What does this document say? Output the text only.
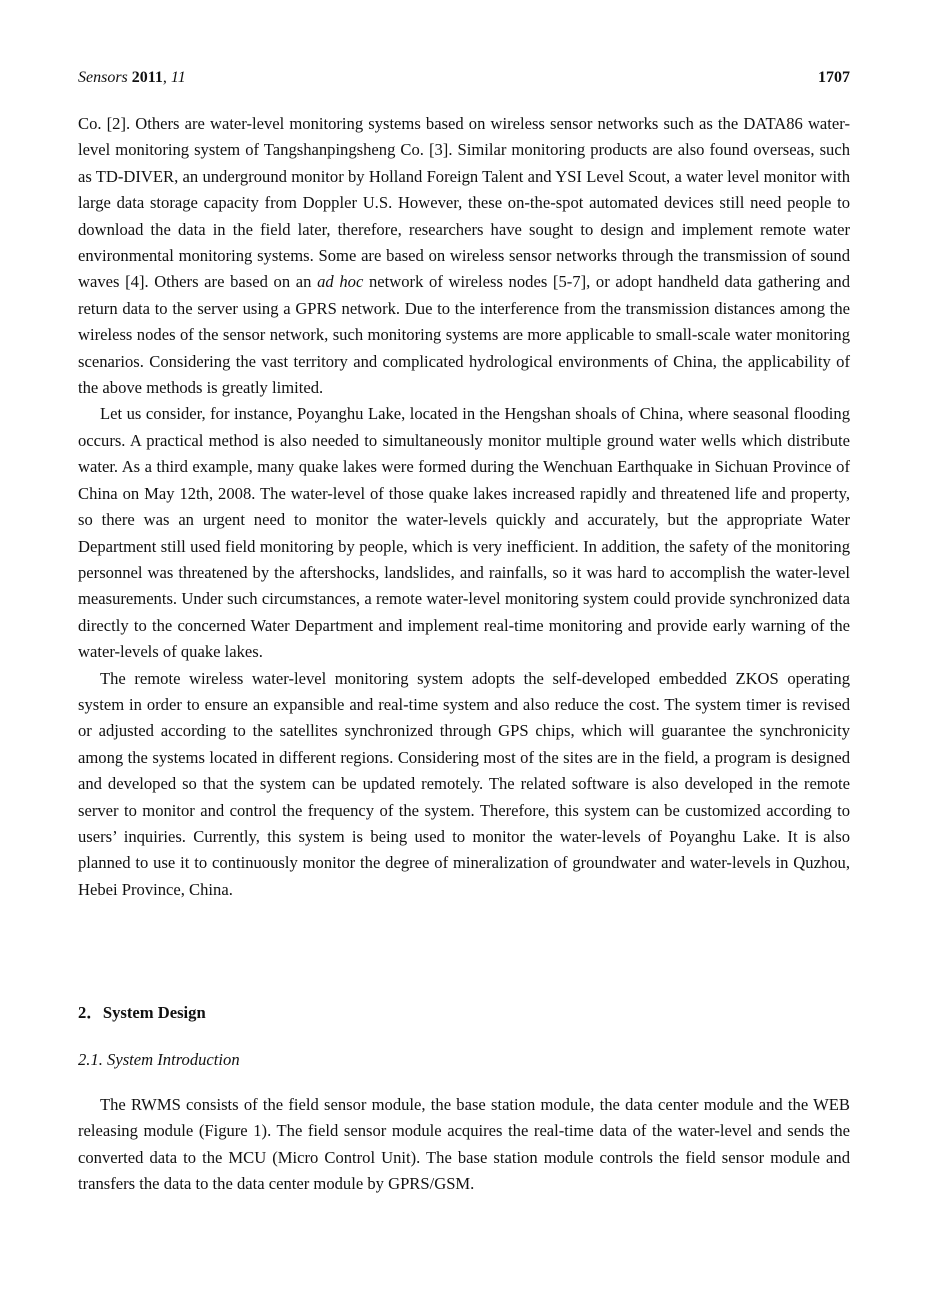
Sensors 2011, 11	1707

Co. [2]. Others are water-level monitoring systems based on wireless sensor networks such as the DATA86 water-level monitoring system of Tangshanpingsheng Co. [3]. Similar monitoring products are also found overseas, such as TD-DIVER, an underground monitor by Holland Foreign Talent and YSI Level Scout, a water level monitor with large data storage capacity from Doppler U.S. However, these on-the-spot automated devices still need people to download the data in the field later, therefore, researchers have sought to design and implement remote water environmental monitoring systems. Some are based on wireless sensor networks through the transmission of sound waves [4]. Others are based on an ad hoc network of wireless nodes [5-7], or adopt handheld data gathering and return data to the server using a GPRS network. Due to the interference from the transmission distances among the wireless nodes of the sensor network, such monitoring systems are more applicable to small-scale water monitoring scenarios. Considering the vast territory and complicated hydrological environments of China, the applicability of the above methods is greatly limited.

Let us consider, for instance, Poyanghu Lake, located in the Hengshan shoals of China, where seasonal flooding occurs. A practical method is also needed to simultaneously monitor multiple ground water wells which distribute water. As a third example, many quake lakes were formed during the Wenchuan Earthquake in Sichuan Province of China on May 12th, 2008. The water-level of those quake lakes increased rapidly and threatened life and property, so there was an urgent need to monitor the water-levels quickly and accurately, but the appropriate Water Department still used field monitoring by people, which is very inefficient. In addition, the safety of the monitoring personnel was threatened by the aftershocks, landslides, and rainfalls, so it was hard to accomplish the water-level measurements. Under such circumstances, a remote water-level monitoring system could provide synchronized data directly to the concerned Water Department and implement real-time monitoring and provide early warning of the water-levels of quake lakes.

The remote wireless water-level monitoring system adopts the self-developed embedded ZKOS operating system in order to ensure an expansible and real-time system and also reduce the cost. The system timer is revised or adjusted according to the satellites synchronized through GPS chips, which will guarantee the synchronicity among the systems located in different regions. Considering most of the sites are in the field, a program is designed and developed so that the system can be updated remotely. The related software is also developed in the remote server to monitor and control the frequency of the system. Therefore, this system can be customized according to users’ inquiries. Currently, this system is being used to monitor the water-levels of Poyanghu Lake. It is also planned to use it to continuously monitor the degree of mineralization of groundwater and water-levels in Quzhou, Hebei Province, China.

2．System Design
2.1. System Introduction

The RWMS consists of the field sensor module, the base station module, the data center module and the WEB releasing module (Figure 1). The field sensor module acquires the real-time data of the water-level and sends the converted data to the MCU (Micro Control Unit). The base station module controls the field sensor module and transfers the data to the data center module by GPRS/GSM.
